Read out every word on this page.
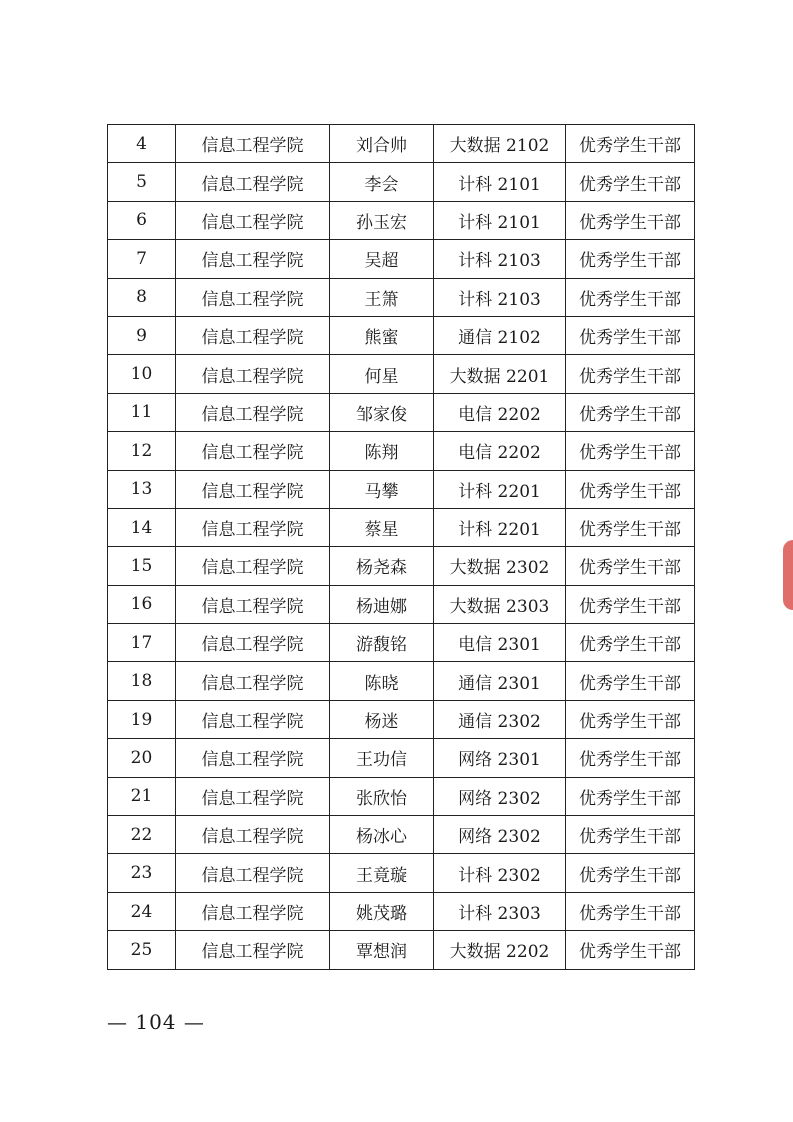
4	信息工程学院	刘合帅	大数据 2102	优秀学生干部
5	信息工程学院	李会	计科 2101	优秀学生干部
6	信息工程学院	孙玉宏	计科 2101	优秀学生干部
7	信息工程学院	吴超	计科 2103	优秀学生干部
8	信息工程学院	王箫	计科 2103	优秀学生干部
9	信息工程学院	熊蜜	通信 2102	优秀学生干部
10	信息工程学院	何星	大数据 2201	优秀学生干部
11	信息工程学院	邹家俊	电信 2202	优秀学生干部
12	信息工程学院	陈翔	电信 2202	优秀学生干部
13	信息工程学院	马攀	计科 2201	优秀学生干部
14	信息工程学院	蔡星	计科 2201	优秀学生干部
15	信息工程学院	杨尧森	大数据 2302	优秀学生干部
16	信息工程学院	杨迪娜	大数据 2303	优秀学生干部
17	信息工程学院	游馥铭	电信 2301	优秀学生干部
18	信息工程学院	陈晓	通信 2301	优秀学生干部
19	信息工程学院	杨迷	通信 2302	优秀学生干部
20	信息工程学院	王功信	网络 2301	优秀学生干部
21	信息工程学院	张欣怡	网络 2302	优秀学生干部
22	信息工程学院	杨冰心	网络 2302	优秀学生干部
23	信息工程学院	王竟璇	计科 2302	优秀学生干部
24	信息工程学院	姚茂璐	计科 2303	优秀学生干部
25	信息工程学院	覃想润	大数据 2202	优秀学生干部
— 104 —
